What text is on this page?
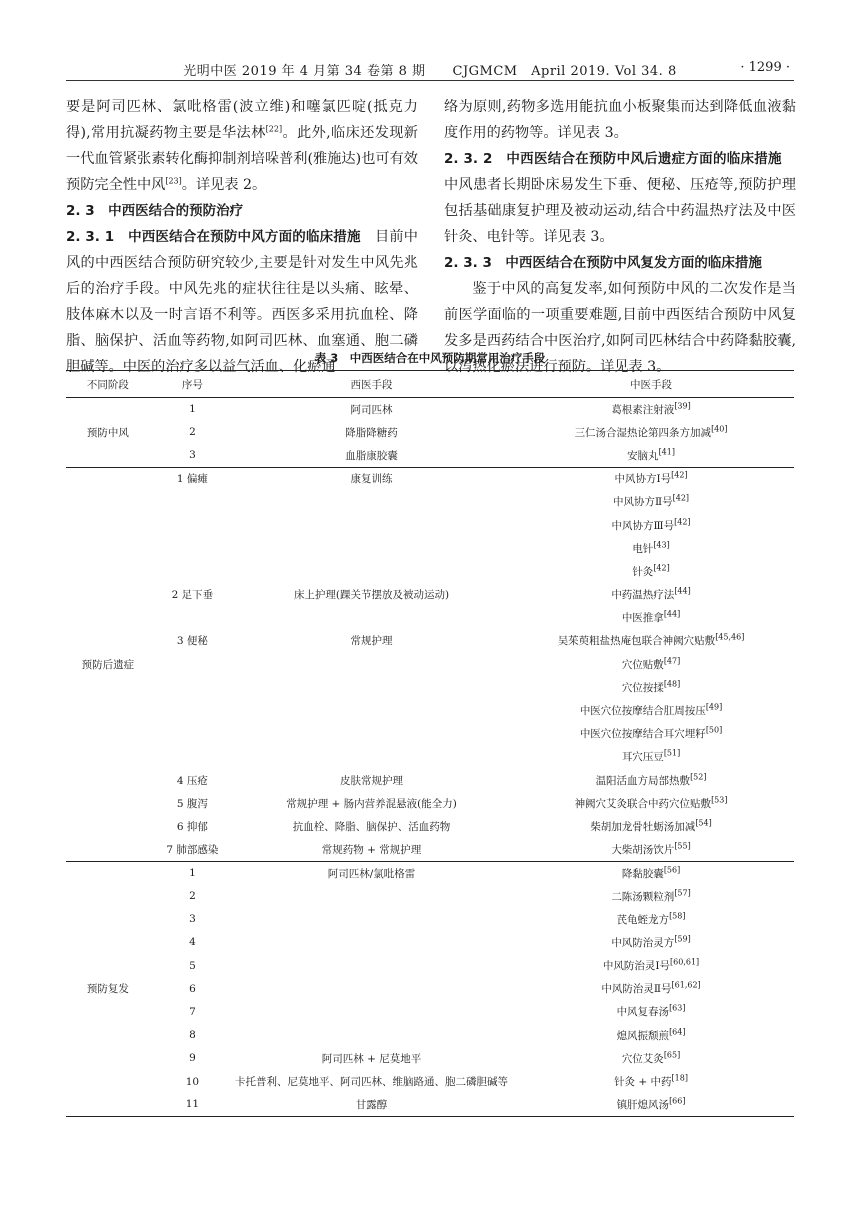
光明中医 2019 年 4 月第 34 卷第 8 期　　CJGMCM　April 2019. Vol 34. 8	· 1299 ·

要是阿司匹林、氯吡格雷(波立维)和噻氯匹啶(抵克力得),常用抗凝药物主要是华法林[22]。此外,临床还发现新一代血管紧张素转化酶抑制剂培哚普利(雅施达)也可有效预防完全性中风[23]。详见表 2。

2. 3　中西医结合的预防治疗

2. 3. 1　中西医结合在预防中风方面的临床措施　目前中风的中西医结合预防研究较少,主要是针对发生中风先兆后的治疗手段。中风先兆的症状往往是以头痛、眩晕、肢体麻木以及一时言语不利等。西医多采用抗血栓、降脂、脑保护、活血等药物,如阿司匹林、血塞通、胞二磷胆碱等。中医的治疗多以益气活血、化瘀通

络为原则,药物多选用能抗血小板聚集而达到降低血液黏度作用的药物等。详见表 3。

2. 3. 2　中西医结合在预防中风后遗症方面的临床措施　中风患者长期卧床易发生下垂、便秘、压疮等,预防护理包括基础康复护理及被动运动,结合中药温热疗法及中医针灸、电针等。详见表 3。

2. 3. 3　中西医结合在预防中风复发方面的临床措施

鉴于中风的高复发率,如何预防中风的二次发作是当前医学面临的一项重要难题,目前中西医结合预防中风复发多是西药结合中医治疗,如阿司匹林结合中药降黏胶囊,以泻热化瘀法进行预防。详见表 3。

表 3　中西医结合在中风预防期常用治疗手段
不同阶段	序号	西医手段	中医手段
预防中风	1	阿司匹林	葛根素注射液[39]
	2	降脂降糖药	三仁汤合湿热论第四条方加减[40]
	3	血脂康胶囊	安脑丸[41]
预防后遗症	1 偏瘫	康复训练	中风协方Ⅰ号[42]
			中风协方Ⅱ号[42]
			中风协方Ⅲ号[42]
			电针[43]
			针灸[42]
	2 足下垂	床上护理(踝关节摆放及被动运动)	中药温热疗法[44]
			中医推拿[44]
	3 便秘	常规护理	吴茱萸粗盐热庵包联合神阙穴贴敷[45,46]
			穴位贴敷[47]
			穴位按揉[48]
			中医穴位按摩结合肛周按压[49]
			中医穴位按摩结合耳穴埋籽[50]
			耳穴压豆[51]
	4 压疮	皮肤常规护理	温阳活血方局部热敷[52]
	5 腹泻	常规护理 + 肠内营养混悬液(能全力)	神阙穴艾灸联合中药穴位贴敷[53]
	6 抑郁	抗血栓、降脂、脑保护、活血药物	柴胡加龙骨牡蛎汤加减[54]
	7 肺部感染	常规药物 + 常规护理	大柴胡汤饮片[55]
预防复发	1	阿司匹林/氯吡格雷	降黏胶囊[56]
	2		二陈汤颗粒剂[57]
	3		芪龟蛭龙方[58]
	4		中风防治灵方[59]
	5		中风防治灵Ⅰ号[60,61]
	6		中风防治灵Ⅱ号[61,62]
	7		中风复春汤[63]
	8		熄风振颓煎[64]
	9	阿司匹林 + 尼莫地平	穴位艾灸[65]
	10	卡托普利、尼莫地平、阿司匹林、维脑路通、胞二磷胆碱等	针灸 + 中药[18]
	11	甘露醇	镇肝熄风汤[66]
